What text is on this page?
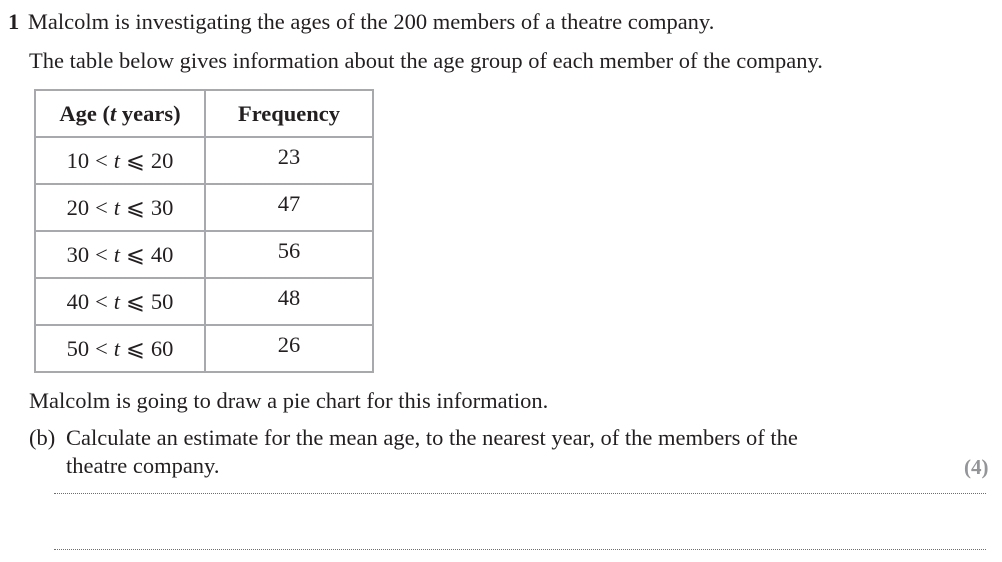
1 Malcolm is investigating the ages of the 200 members of a theatre company.
The table below gives information about the age group of each member of the company.
Age (t years)	Frequency
10 < t ⩽ 20	23
20 < t ⩽ 30	47
30 < t ⩽ 40	56
40 < t ⩽ 50	48
50 < t ⩽ 60	26
Malcolm is going to draw a pie chart for this information.
(b) Calculate an estimate for the mean age, to the nearest year, of the members of the
theatre company.	(4)
